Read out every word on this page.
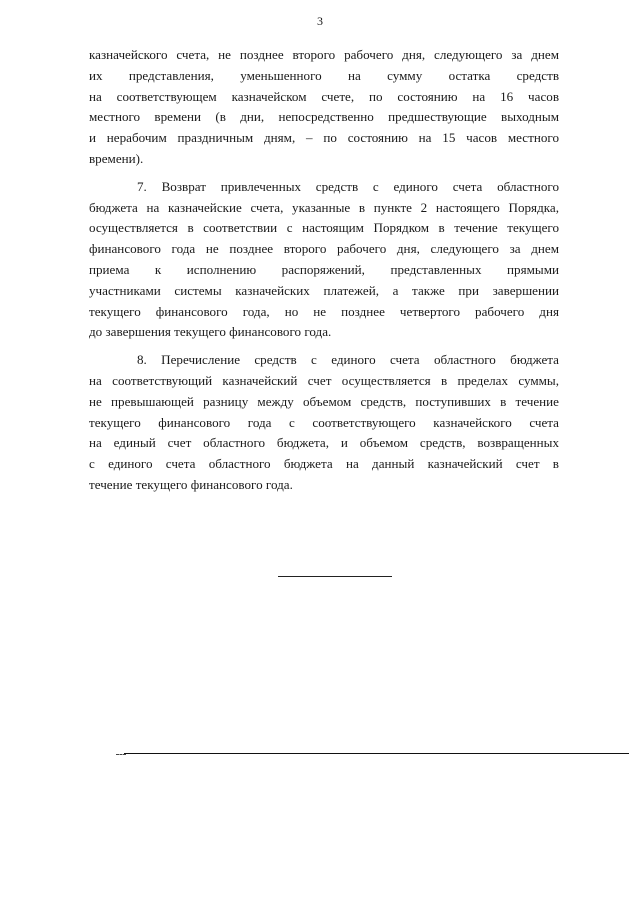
3
казначейского счета, не позднее второго рабочего дня, следующего за днем
их представления, уменьшенного на сумму остатка средств
на соответствующем казначейском счете, по состоянию на 16 часов
местного времени (в дни, непосредственно предшествующие выходным
и нерабочим праздничным дням, – по состоянию на 15 часов местного
времени).
7. Возврат привлеченных средств с единого счета областного
бюджета на казначейские счета, указанные в пункте 2 настоящего Порядка,
осуществляется в соответствии с настоящим Порядком в течение текущего
финансового года не позднее второго рабочего дня, следующего за днем
приема к исполнению распоряжений, представленных прямыми
участниками системы казначейских платежей, а также при завершении
текущего финансового года, но не позднее четвертого рабочего дня
до завершения текущего финансового года.
8. Перечисление средств с единого счета областного бюджета
на соответствующий казначейский счет осуществляется в пределах суммы,
не превышающей разницу между объемом средств, поступивших в течение
текущего финансового года с соответствующего казначейского счета
на единый счет областного бюджета, и объемом средств, возвращенных
с единого счета областного бюджета на данный казначейский счет в
течение текущего финансового года.
